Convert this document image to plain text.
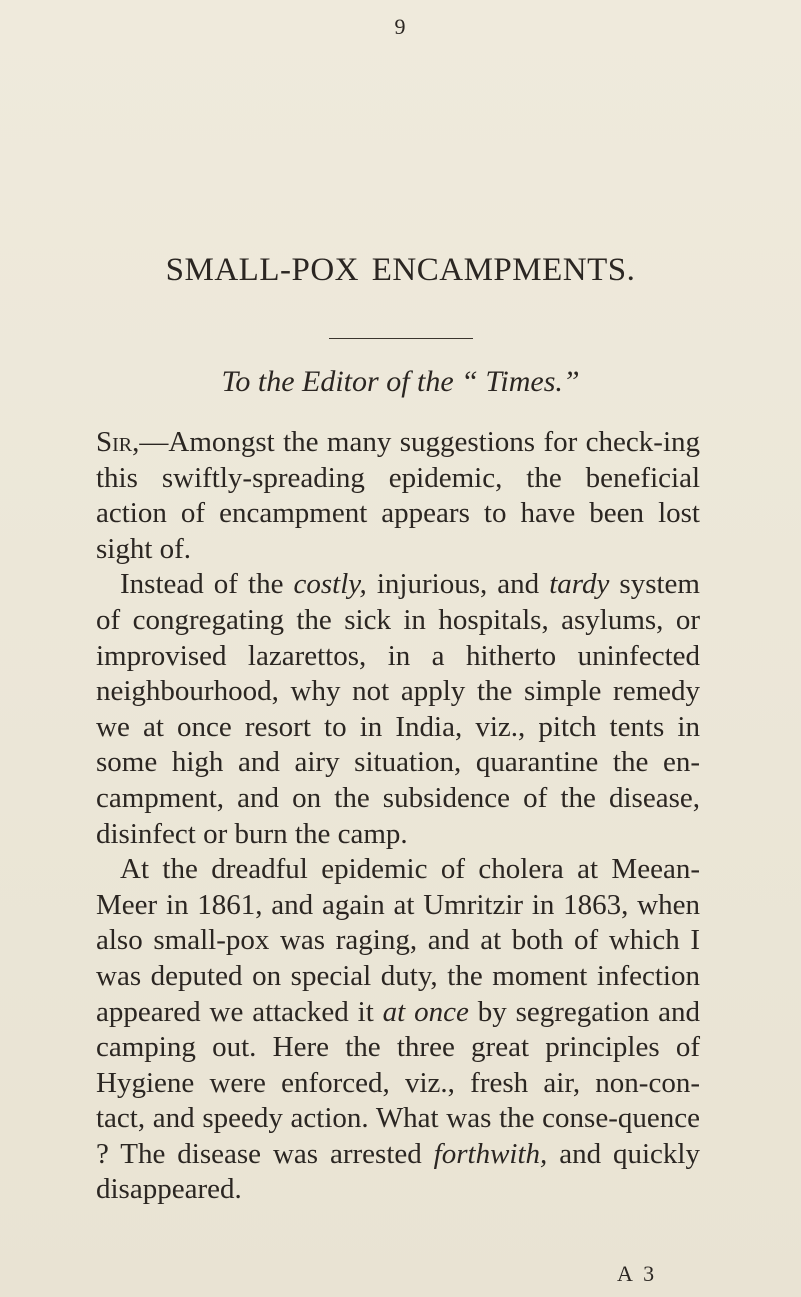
9
SMALL-POX ENCAMPMENTS.
To the Editor of the “ Times.”

Sir,—Amongst the many suggestions for check-ing this swiftly-spreading epidemic, the beneficial action of encampment appears to have been lost sight of.

Instead of the costly, injurious, and tardy system of congregating the sick in hospitals, asylums, or improvised lazarettos, in a hitherto uninfected neighbourhood, why not apply the simple remedy we at once resort to in India, viz., pitch tents in some high and airy situation, quarantine the en-campment, and on the subsidence of the disease, disinfect or burn the camp.

At the dreadful epidemic of cholera at Meean-Meer in 1861, and again at Umritzir in 1863, when also small-pox was raging, and at both of which I was deputed on special duty, the moment infection appeared we attacked it at once by segregation and camping out. Here the three great principles of Hygiene were enforced, viz., fresh air, non-con-tact, and speedy action. What was the conse-quence ? The disease was arrested forthwith, and quickly disappeared.

A 3
